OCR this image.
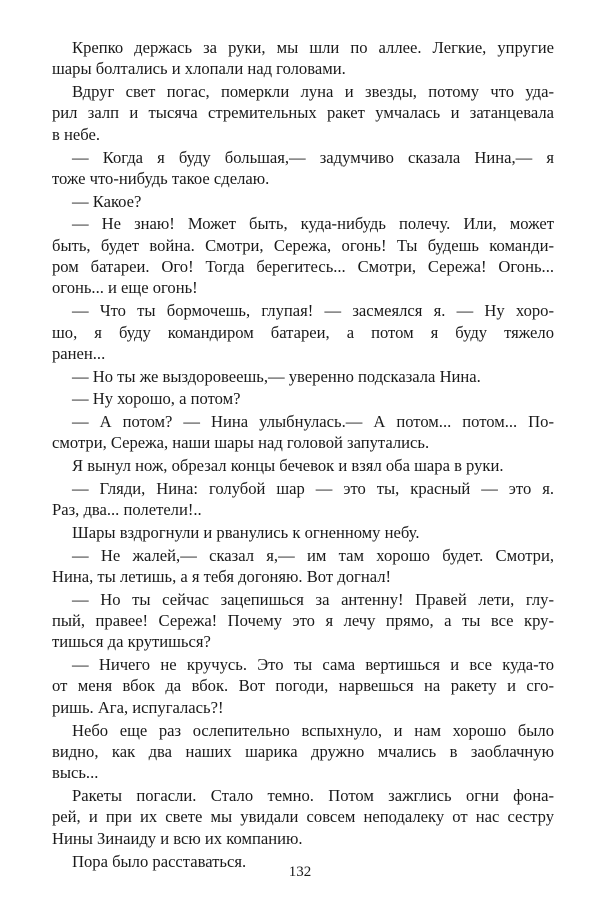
Крепко держась за руки, мы шли по аллее. Легкие, упругие
шары болтались и хлопали над головами.
Вдруг свет погас, померкли луна и звезды, потому что уда-
рил залп и тысяча стремительных ракет умчалась и затанцевала
в небе.
— Когда я буду большая,— задумчиво сказала Нина,— я
тоже что-нибудь такое сделаю.
— Какое?
— Не знаю! Может быть, куда-нибудь полечу. Или, может
быть, будет война. Смотри, Сережа, огонь! Ты будешь команди-
ром батареи. Ого! Тогда берегитесь... Смотри, Сережа! Огонь...
огонь... и еще огонь!
— Что ты бормочешь, глупая! — засмеялся я. — Ну хоро-
шо, я буду командиром батареи, а потом я буду тяжело
ранен...
— Но ты же выздоровеешь,— уверенно подсказала Нина.
— Ну хорошо, а потом?
— А потом? — Нина улыбнулась.— А потом... потом... По-
смотри, Сережа, наши шары над головой запутались.
Я вынул нож, обрезал концы бечевок и взял оба шара в руки.
— Гляди, Нина: голубой шар — это ты, красный — это я.
Раз, два... полетели!..
Шары вздрогнули и рванулись к огненному небу.
— Не жалей,— сказал я,— им там хорошо будет. Смотри,
Нина, ты летишь, а я тебя догоняю. Вот догнал!
— Но ты сейчас зацепишься за антенну! Правей лети, глу-
пый, правее! Сережа! Почему это я лечу прямо, а ты все кру-
тишься да крутишься?
— Ничего не кручусь. Это ты сама вертишься и все куда-то
от меня вбок да вбок. Вот погоди, нарвешься на ракету и сго-
ришь. Ага, испугалась?!
Небо еще раз ослепительно вспыхнуло, и нам хорошо было
видно, как два наших шарика дружно мчались в заоблачную
высь...
Ракеты погасли. Стало темно. Потом зажглись огни фона-
рей, и при их свете мы увидали совсем неподалеку от нас сестру
Нины Зинаиду и всю их компанию.
Пора было расставаться.
132
